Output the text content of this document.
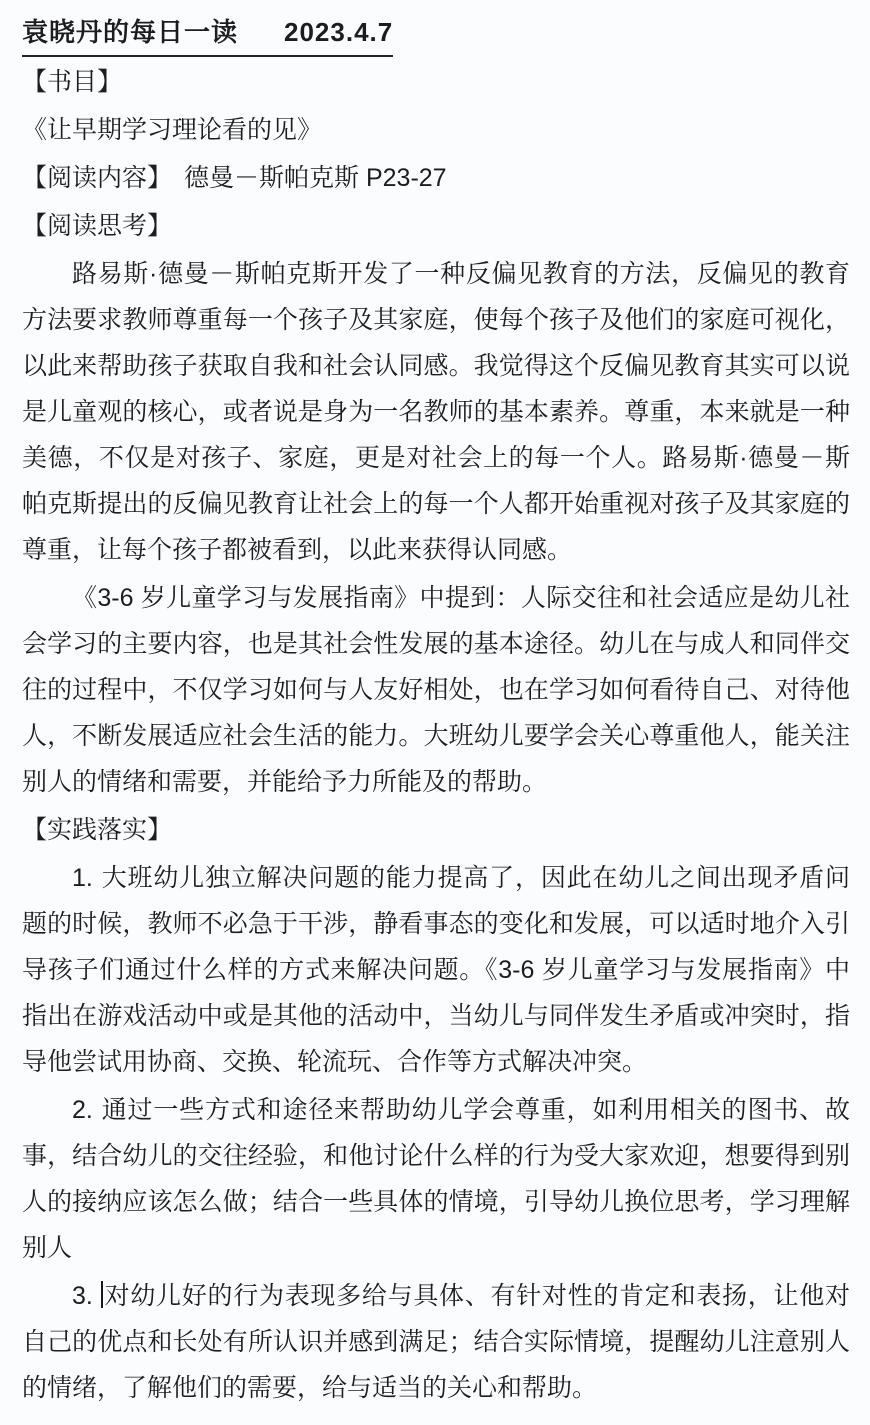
袁晓丹的每日一读 2023.4.7
【书目】
《让早期学习理论看的见》
【阅读内容】 德曼－斯帕克斯 P23-27
【阅读思考】

路易斯·德曼－斯帕克斯开发了一种反偏见教育的方法，反偏见的教育方法要求教师尊重每一个孩子及其家庭，使每个孩子及他们的家庭可视化，以此来帮助孩子获取自我和社会认同感。我觉得这个反偏见教育其实可以说是儿童观的核心，或者说是身为一名教师的基本素养。尊重，本来就是一种美德，不仅是对孩子、家庭，更是对社会上的每一个人。路易斯·德曼－斯帕克斯提出的反偏见教育让社会上的每一个人都开始重视对孩子及其家庭的尊重，让每个孩子都被看到，以此来获得认同感。

《3-6 岁儿童学习与发展指南》中提到：人际交往和社会适应是幼儿社会学习的主要内容，也是其社会性发展的基本途径。幼儿在与成人和同伴交往的过程中，不仅学习如何与人友好相处，也在学习如何看待自己、对待他人，不断发展适应社会生活的能力。大班幼儿要学会关心尊重他人，能关注别人的情绪和需要，并能给予力所能及的帮助。

【实践落实】

1. 大班幼儿独立解决问题的能力提高了，因此在幼儿之间出现矛盾问题的时候，教师不必急于干涉，静看事态的变化和发展，可以适时地介入引导孩子们通过什么样的方式来解决问题。《3-6 岁儿童学习与发展指南》中指出在游戏活动中或是其他的活动中，当幼儿与同伴发生矛盾或冲突时，指导他尝试用协商、交换、轮流玩、合作等方式解决冲突。

2. 通过一些方式和途径来帮助幼儿学会尊重，如利用相关的图书、故事，结合幼儿的交往经验，和他讨论什么样的行为受大家欢迎，想要得到别人的接纳应该怎么做；结合一些具体的情境，引导幼儿换位思考，学习理解别人

3. 对幼儿好的行为表现多给与具体、有针对性的肯定和表扬，让他对自己的优点和长处有所认识并感到满足；结合实际情境，提醒幼儿注意别人的情绪，了解他们的需要，给与适当的关心和帮助。
